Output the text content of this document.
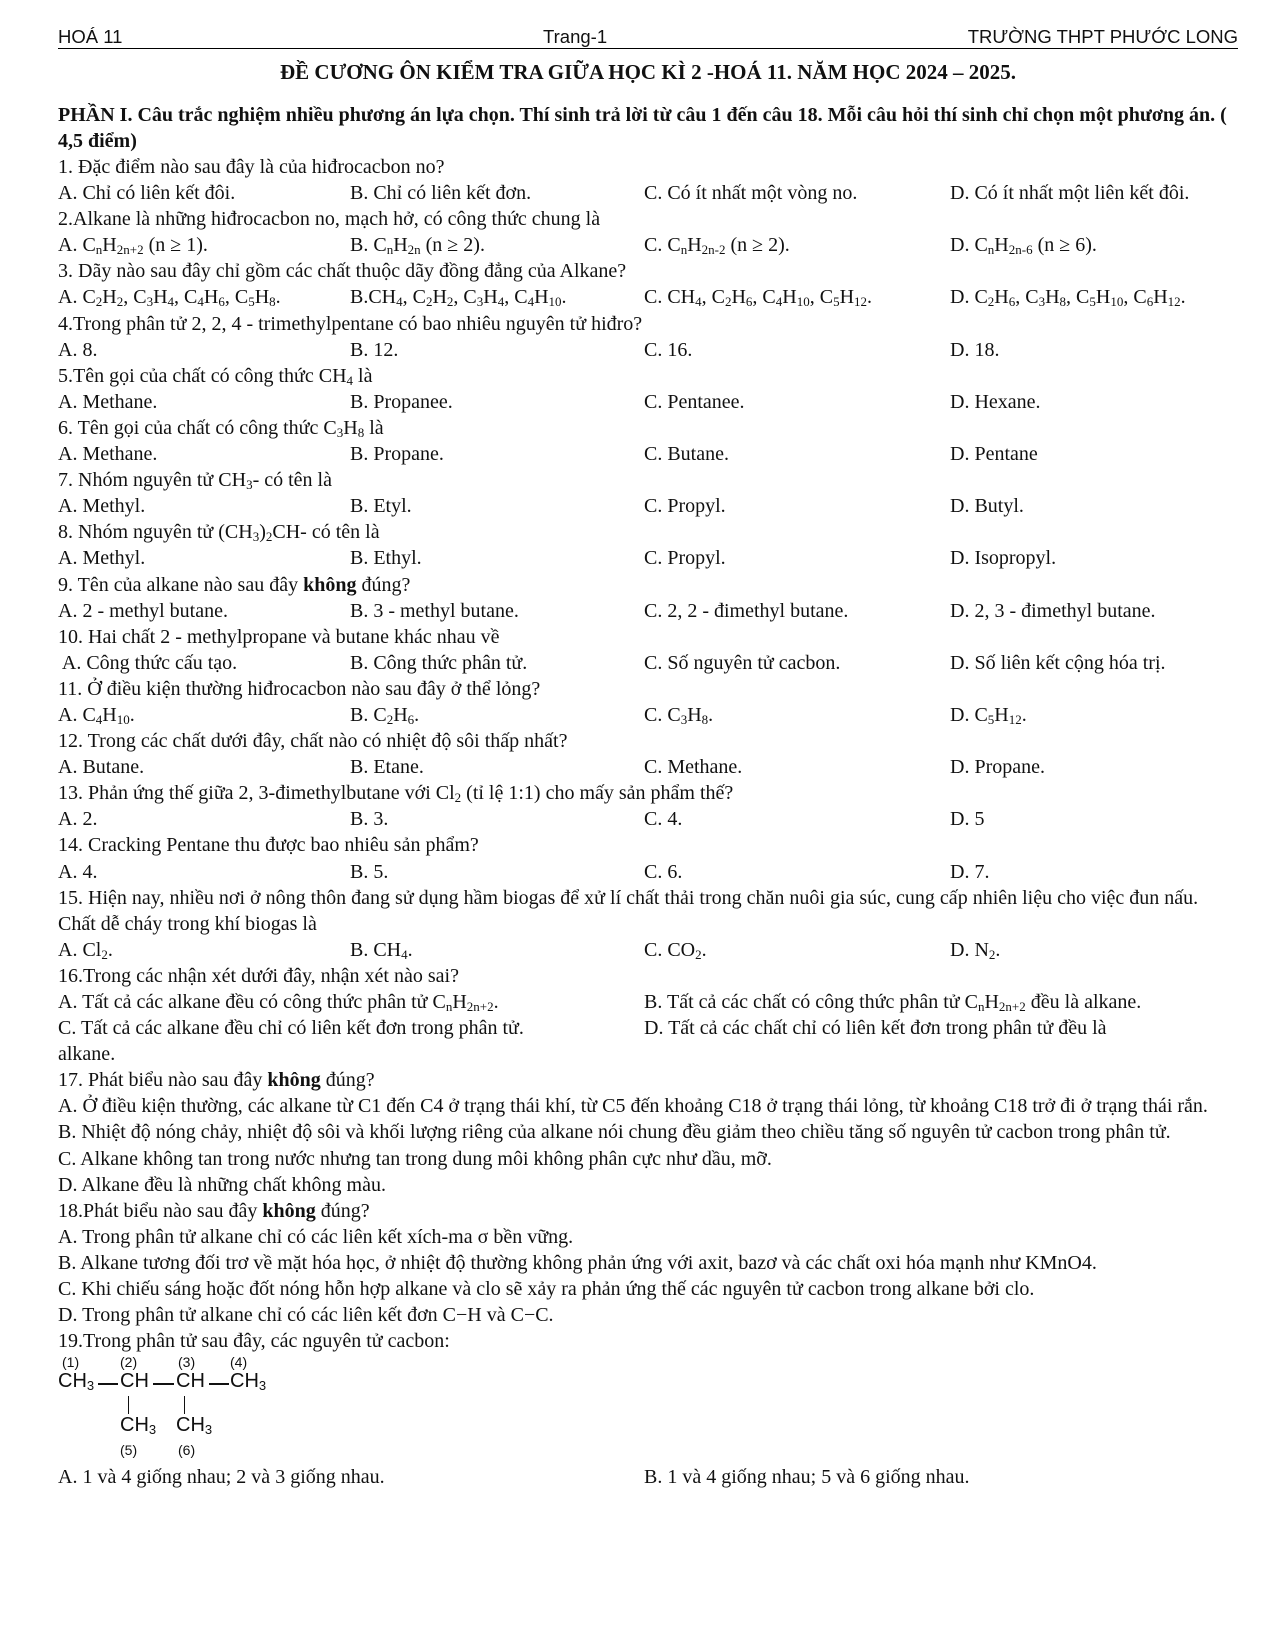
HOÁ 11	Trang-1	TRƯỜNG THPT PHƯỚC LONG
ĐỀ CƯƠNG ÔN KIỂM TRA GIỮA HỌC KÌ 2 -HOÁ 11. NĂM HỌC 2024 – 2025.
PHẦN I. Câu trắc nghiệm nhiều phương án lựa chọn. Thí sinh trả lời từ câu 1 đến câu 18. Mỗi câu hỏi thí sinh chỉ chọn một phương án. ( 4,5 điểm)
1. Đặc điểm nào sau đây là của hiđrocacbon no?
A. Chỉ có liên kết đôi.	B. Chỉ có liên kết đơn.	C. Có ít nhất một vòng no.	D. Có ít nhất một liên kết đôi.
2.Alkane là những hiđrocacbon no, mạch hở, có công thức chung là
A. $C_nH_{2n+2}$ (n ≥ 1).	B. $C_nH_{2n}$ (n ≥ 2).	C. $C_nH_{2n-2}$ (n ≥ 2).	D. $C_nH_{2n-6}$ (n ≥ 6).
3. Dãy nào sau đây chỉ gồm các chất thuộc dãy đồng đẳng của Alkane?
A. $C_2H_2$, $C_3H_4$, $C_4H_6$, $C_5H_8$.	$B.CH_4$, $C_2H_2$, $C_3H_4$, $C_4H_{10}$.	C. $CH_4$, $C_2H_6$, $C_4H_{10}$, $C_5H_{12}$.	D. $C_2H_6$, $C_3H_8$, $C_5H_{10}$, $C_6H_{12}$.
4.Trong phân tử 2, 2, 4 - trimethylpentane có bao nhiêu nguyên tử hiđro?
A. 8.	B. 12.	C. 16.	D. 18.
5.Tên gọi của chất có công thức $CH_4$ là
A. Methane.	B. Propanee.	C. Pentanee.	D. Hexane.
6. Tên gọi của chất có công thức $C_3H_8$ là
A. Methane.	B. Propane.	C. Butane.	D. Pentane
7. Nhóm nguyên tử $CH_3-$ có tên là
A. Methyl.	B. Etyl.	C. Propyl.	D. Butyl.
8. Nhóm nguyên tử $(CH_3)_2CH-$ có tên là
A. Methyl.	B. Ethyl.	C. Propyl.	D. Isopropyl.
9. Tên của alkane nào sau đây không đúng?
A. 2 - methyl butane.	B. 3 - methyl butane.	C. 2, 2 - đimethyl butane.	D. 2, 3 - đimethyl butane.
10. Hai chất 2 - methylpropane và butane khác nhau về
A. Công thức cấu tạo.	B. Công thức phân tử.	C. Số nguyên tử cacbon.	D. Số liên kết cộng hóa trị.
11. Ở điều kiện thường hiđrocacbon nào sau đây ở thể lỏng?
A. $C_4H_{10}$.	B. $C_2H_6$.	C. $C_3H_8$.	D. $C_5H_{12}$.
12. Trong các chất dưới đây, chất nào có nhiệt độ sôi thấp nhất?
A. Butane.	B. Etane.	C. Methane.	D. Propane.
13. Phản ứng thế giữa 2, 3-đimethylbutane với $Cl_2$ (tỉ lệ 1:1) cho mấy sản phẩm thế?
A. 2.	B. 3.	C. 4.	D. 5
14. Cracking Pentane thu được bao nhiêu sản phẩm?
A. 4.	B. 5.	C. 6.	D. 7.
15. Hiện nay, nhiều nơi ở nông thôn đang sử dụng hầm biogas để xử lí chất thải trong chăn nuôi gia súc, cung cấp nhiên liệu cho việc đun nấu. Chất dễ cháy trong khí biogas là
A. $Cl_2$.	B. $CH_4$.	C. $CO_2$.	D. $N_2$.
16.Trong các nhận xét dưới đây, nhận xét nào sai?
A. Tất cả các alkane đều có công thức phân tử $C_nH_{2n+2}$.	B. Tất cả các chất có công thức phân tử $C_nH_{2n+2}$ đều là alkane.
C. Tất cả các alkane đều chỉ có liên kết đơn trong phân tử.	D. Tất cả các chất chỉ có liên kết đơn trong phân tử đều là
alkane.
17. Phát biểu nào sau đây không đúng?
A. Ở điều kiện thường, các alkane từ C1 đến C4 ở trạng thái khí, từ C5 đến khoảng C18 ở trạng thái lỏng, từ khoảng C18 trở đi ở trạng thái rắn.
B. Nhiệt độ nóng chảy, nhiệt độ sôi và khối lượng riêng của alkane nói chung đều giảm theo chiều tăng số nguyên tử cacbon trong phân tử.
C. Alkane không tan trong nước nhưng tan trong dung môi không phân cực như dầu, mỡ.
D. Alkane đều là những chất không màu.
18.Phát biểu nào sau đây không đúng?
A. Trong phân tử alkane chỉ có các liên kết xích-ma σ bền vững.
B. Alkane tương đối trơ về mặt hóa học, ở nhiệt độ thường không phản ứng với axit, bazơ và các chất oxi hóa mạnh như KMnO4.
C. Khi chiếu sáng hoặc đốt nóng hỗn hợp alkane và clo sẽ xảy ra phản ứng thế các nguyên tử cacbon trong alkane bởi clo.
D. Trong phân tử alkane chỉ có các liên kết đơn C−H và C−C.
19.Trong phân tử sau đây, các nguyên tử cacbon:
(1)	(2)	(3) (4)
$CH_3$ CH CH $CH_3$
$CH_3$ $CH_3$
(5)	(6)
A. 1 và 4 giống nhau; 2 và 3 giống nhau.	B. 1 và 4 giống nhau; 5 và 6 giống nhau.
